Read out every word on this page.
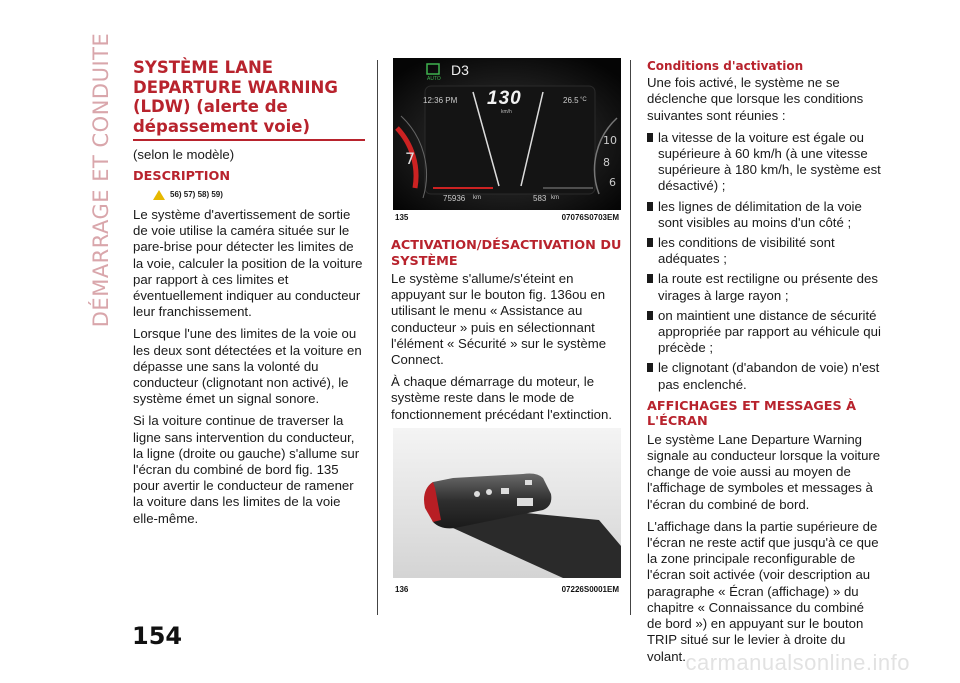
DÉMARRAGE ET CONDUITE
154
SYSTÈME LANE DEPARTURE WARNING (LDW) (alerte de dépassement voie)

(selon le modèle)

DESCRIPTION
56) 57) 58) 59)

Le système d'avertissement de sortie de voie utilise la caméra située sur le pare-brise pour détecter les limites de la voie, calculer la position de la voiture par rapport à ces limites et éventuellement indiquer au conducteur leur franchissement.

Lorsque l'une des limites de la voie ou les deux sont détectées et la voiture en dépasse une sans la volonté du conducteur (clignotant non activé), le système émet un signal sonore.

Si la voiture continue de traverser la ligne sans intervention du conducteur, la ligne (droite ou gauche) s'allume sur l'écran du combiné de bord fig. 135 pour avertir le conducteur de ramener la voiture dans les limites de la voie elle-même.

7
10
8
6
AUTO
D3
12:36 PM 130
km/h
26.5 °C
75936 km	583 km
135	07076S0703EM
ACTIVATION/DÉSACTIVATION DU SYSTÈME

Le système s'allume/s'éteint en appuyant sur le bouton fig. 136ou en utilisant le menu « Assistance au conducteur » puis en sélectionnant l'élément « Sécurité » sur le système Connect.

À chaque démarrage du moteur, le système reste dans le mode de fonctionnement précédant l'extinction.

136	07226S0001EM
Conditions d'activation

Une fois activé, le système ne se déclenche que lorsque les conditions suivantes sont réunies :

la vitesse de la voiture est égale ou supérieure à 60 km/h (à une vitesse supérieure à 180 km/h, le système est désactivé) ;
les lignes de délimitation de la voie sont visibles au moins d'un côté ;
les conditions de visibilité sont adéquates ;
la route est rectiligne ou présente des virages à large rayon ;
on maintient une distance de sécurité appropriée par rapport au véhicule qui précède ;
le clignotant (d'abandon de voie) n'est pas enclenché.
AFFICHAGES ET MESSAGES À L'ÉCRAN

Le système Lane Departure Warning signale au conducteur lorsque la voiture change de voie aussi au moyen de l'affichage de symboles et messages à l'écran du combiné de bord.

L'affichage dans la partie supérieure de l'écran ne reste actif que jusqu'à ce que la zone principale reconfigurable de l'écran soit activée (voir description au paragraphe « Écran (affichage) » du chapitre « Connaissance du combiné de bord ») en appuyant sur le bouton TRIP situé sur le levier à droite du volant. carmanualsonline.info
